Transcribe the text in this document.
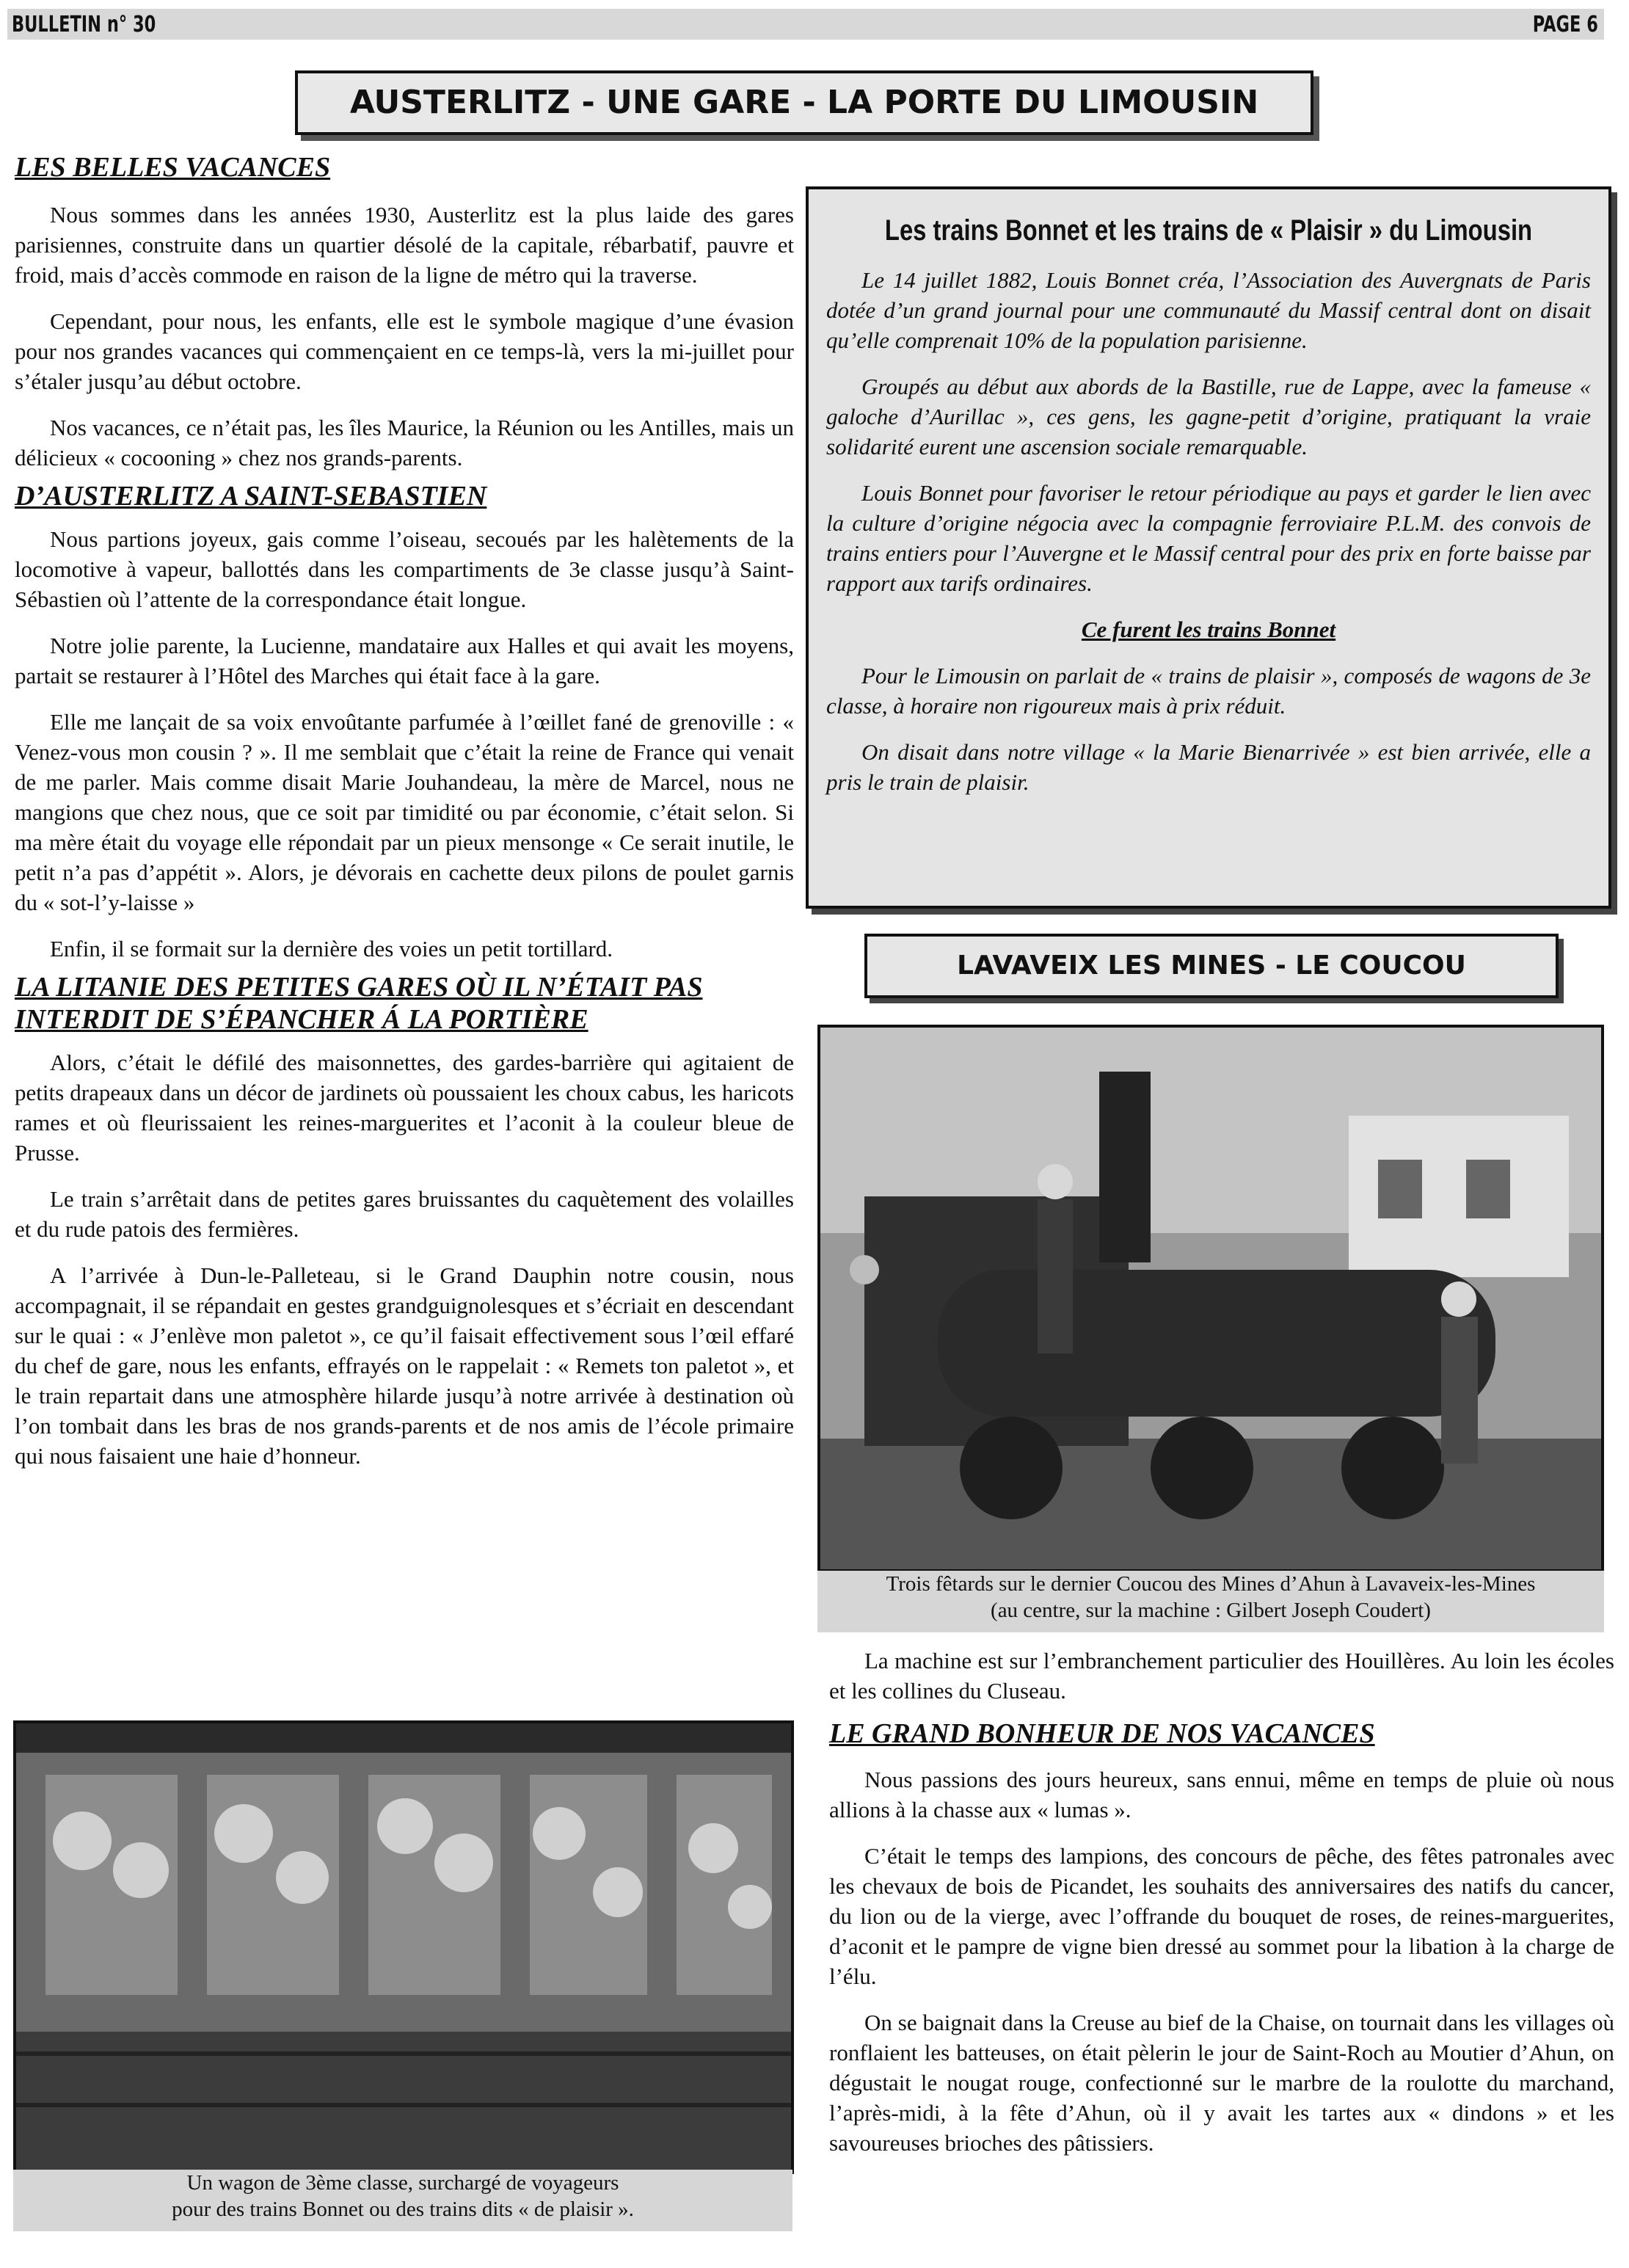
BULLETIN n° 30	PAGE 6
AUSTERLITZ - UNE GARE - LA PORTE DU LIMOUSIN
LES BELLES VACANCES

Nous sommes dans les années 1930, Austerlitz est la plus laide des gares parisiennes, construite dans un quartier désolé de la capitale, rébarbatif, pauvre et froid, mais d’accès commode en raison de la ligne de métro qui la traverse.

Cependant, pour nous, les enfants, elle est le symbole magique d’une évasion pour nos grandes vacances qui commençaient en ce temps-là, vers la mi-juillet pour s’étaler jusqu’au début octobre.

Nos vacances, ce n’était pas, les îles Maurice, la Réunion ou les Antilles, mais un délicieux « cocooning » chez nos grands-parents.

D’AUSTERLITZ A SAINT-SEBASTIEN

Nous partions joyeux, gais comme l’oiseau, secoués par les halètements de la locomotive à vapeur, ballottés dans les compartiments de 3e classe jusqu’à Saint-Sébastien où l’attente de la correspondance était longue.

Notre jolie parente, la Lucienne, mandataire aux Halles et qui avait les moyens, partait se restaurer à l’Hôtel des Marches qui était face à la gare.

Elle me lançait de sa voix envoûtante parfumée à l’œillet fané de grenoville : « Venez-vous mon cousin ? ». Il me semblait que c’était la reine de France qui venait de me parler. Mais comme disait Marie Jouhandeau, la mère de Marcel, nous ne mangions que chez nous, que ce soit par timidité ou par économie, c’était selon. Si ma mère était du voyage elle répondait par un pieux mensonge « Ce serait inutile, le petit n’a pas d’appétit ». Alors, je dévorais en cachette deux pilons de poulet garnis du « sot-l’y-laisse »

Enfin, il se formait sur la dernière des voies un petit tortillard.

LA LITANIE DES PETITES GARES OÙ IL N’ÉTAIT PAS
INTERDIT DE S’ÉPANCHER Á LA PORTIÈRE

Alors, c’était le défilé des maisonnettes, des gardes-barrière qui agitaient de petits drapeaux dans un décor de jardinets où poussaient les choux cabus, les haricots rames et où fleurissaient les reines-marguerites et l’aconit à la couleur bleue de Prusse.

Le train s’arrêtait dans de petites gares bruissantes du caquètement des volailles et du rude patois des fermières.

A l’arrivée à Dun-le-Palleteau, si le Grand Dauphin notre cousin, nous accompagnait, il se répandait en gestes grandguignolesques et s’écriait en descendant sur le quai : « J’enlève mon paletot », ce qu’il faisait effectivement sous l’œil effaré du chef de gare, nous les enfants, effrayés on le rappelait : « Remets ton paletot », et le train repartait dans une atmosphère hilarde jusqu’à notre arrivée à destination où l’on tombait dans les bras de nos grands-parents et de nos amis de l’école primaire qui nous faisaient une haie d’honneur.

Un wagon de 3ème classe, surchargé de voyageurs
pour des trains Bonnet ou des trains dits « de plaisir ».
Les trains Bonnet et les trains de « Plaisir » du Limousin

Le 14 juillet 1882, Louis Bonnet créa, l’Association des Auvergnats de Paris dotée d’un grand journal pour une communauté du Massif central dont on disait qu’elle comprenait 10% de la population parisienne.

Groupés au début aux abords de la Bastille, rue de Lappe, avec la fameuse « galoche d’Aurillac », ces gens, les gagne-petit d’origine, pratiquant la vraie solidarité eurent une ascension sociale remarquable.

Louis Bonnet pour favoriser le retour périodique au pays et garder le lien avec la culture d’origine négocia avec la compagnie ferroviaire P.L.M. des convois de trains entiers pour l’Auvergne et le Massif central pour des prix en forte baisse par rapport aux tarifs ordinaires.

Ce furent les trains Bonnet

Pour le Limousin on parlait de « trains de plaisir », composés de wagons de 3e classe, à horaire non rigoureux mais à prix réduit.

On disait dans notre village « la Marie Bienarrivée » est bien arrivée, elle a pris le train de plaisir.

LAVAVEIX LES MINES - LE COUCOU
Trois fêtards sur le dernier Coucou des Mines d’Ahun à Lavaveix-les-Mines
(au centre, sur la machine : Gilbert Joseph Coudert)

La machine est sur l’embranchement particulier des Houillères. Au loin les écoles et les collines du Cluseau.

LE GRAND BONHEUR DE NOS VACANCES

Nous passions des jours heureux, sans ennui, même en temps de pluie où nous allions à la chasse aux « lumas ».

C’était le temps des lampions, des concours de pêche, des fêtes patronales avec les chevaux de bois de Picandet, les souhaits des anniversaires des natifs du cancer, du lion ou de la vierge, avec l’offrande du bouquet de roses, de reines-marguerites, d’aconit et le pampre de vigne bien dressé au sommet pour la libation à la charge de l’élu.

On se baignait dans la Creuse au bief de la Chaise, on tournait dans les villages où ronflaient les batteuses, on était pèlerin le jour de Saint-Roch au Moutier d’Ahun, on dégustait le nougat rouge, confectionné sur le marbre de la roulotte du marchand, l’après-midi, à la fête d’Ahun, où il y avait les tartes aux « dindons » et les savoureuses brioches des pâtissiers.
